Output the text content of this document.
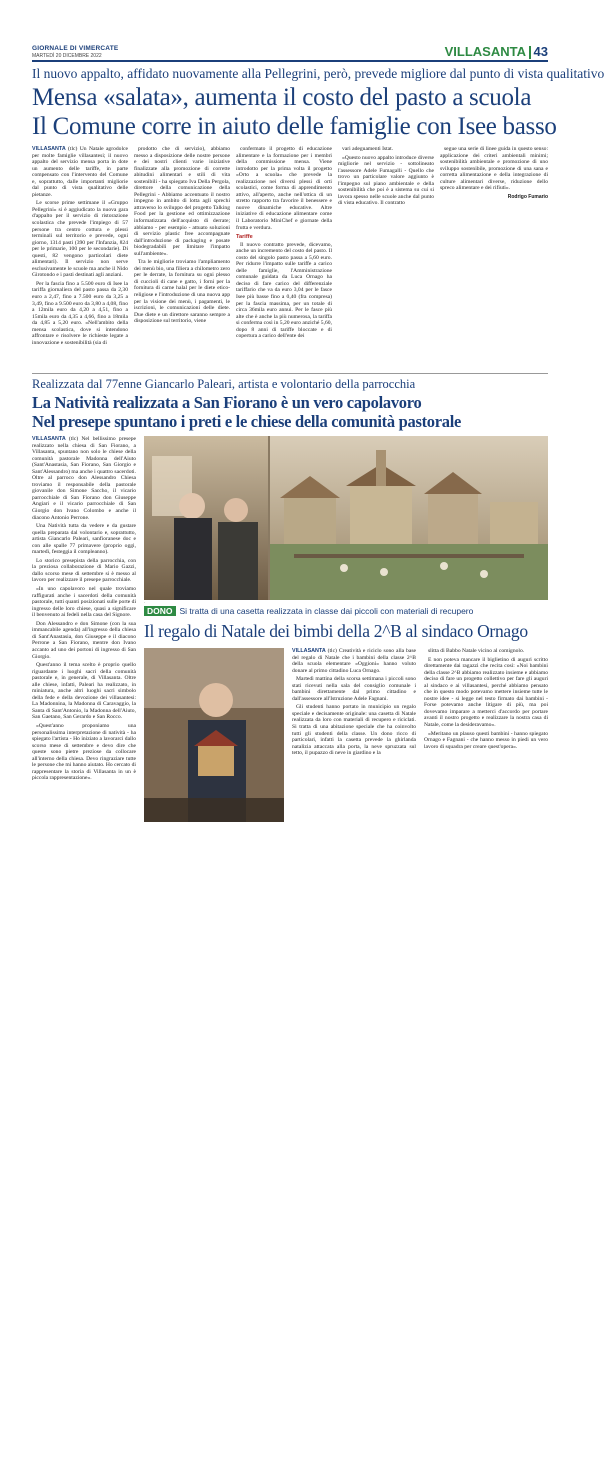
GIORNALE DI VIMERCATE
MARTEDÌ 20 DICEMBRE 2022	VILLASANTA 43
Il nuovo appalto, affidato nuovamente alla Pellegrini, però, prevede migliore dal punto di vista qualitativo
Mensa «salata», aumenta il costo del pasto a scuola
Il Comune corre in aiuto delle famiglie con Isee basso

VILLASANTA (tlc) Un Natale agrodolce per molte famiglie villasantesi; il nuovo appalto del servizio mensa porta in dote un aumento delle tariffe, in parte compensato con l'intervento del Comune e, soprattutto, dalle importanti migliorie dal punto di vista qualitativo delle pietanze.

Le scorse prime settimane il «Gruppo Pellegrini» si è aggiudicato la nuova gara d'appalto per il servizio di ristorazione scolastica che prevede l'impiego di 57 persone tra centro cottura e plessi terminali sul territorio e prevede, ogni giorno, 1314 pasti (390 per l'Infanzia, 824 per le primarie, 100 per le secondarie). Di questi, 82 vengono particolari diete alimentari). Il servizio non serve esclusivamente le scuole ma anche il Nido Girotondo e i pasti destinati agli anziani.

Per la fascia fino a 5.500 euro di Isee la tariffa giornaliera del pasto passa da 2,30 euro a 2,47, fino a 7.500 euro da 3,25 a 3,49, fino a 9.500 euro da 3,80 a 4,08, fino a 12mila euro da 4,20 a 4,51, fino a 15mila euro da 4,35 a 4,66, fino a 18mila da 4,85 a 5,20 euro. «Nell'ambito della mensa scolastica, dove si intendono affrontare e risolvere le richieste legate a innovazione e sostenibilità (sia di

prodotto che di servizio), abbiamo messo a disposizione delle nostre persone e dei nostri clienti varie iniziative finalizzate alla promozione di corrette abitudini alimentari e stili di vita sostenibili - ha spiegato Iva Della Pergola, direttore della comunicazione della Pellegrini - Abbiamo accentuato il nostro impegno in ambito di lotta agli sprechi attraverso lo sviluppo del progetto Talking Food per la gestione ed ottimizzazione informatizzata dell'acquisto di derrate; abbiamo - per esempio - attuato soluzioni di servizio plastic free accompagnate dall'introduzione di packaging e posate biodegradabili per limitare l'impatto sull'ambiente».

Tra le migliorie troviamo l'ampliamento dei menù bio, una filiera a chilometro zero per le derrate, la fornitura su ogni plesso di cuccioli di cane e gatto, i forni per la fornitura di carne halal per le diete etico-religiose e l'introduzione di una nuova app per la visione dei menù, i pagamenti, le iscrizioni, le comunicazioni delle diete. Due diete e un direttore saranno sempre a disposizione sul territorio, viene

confermato il progetto di educazione alimentare e la formazione per i membri della commissione mensa. Viene introdotto per la prima volta il progetto «Orto a scuola» che prevede la realizzazione nei diversi plessi di orti scolastici, come forma di apprendimento attivo, all'aperto, anche nell'ottica di un stretto rapporto tra favorire il benessere e nuove dinamiche educative. Altre iniziative di educazione alimentare come il Laboratorio MiniChef e giornate della frutta e verdura.

Tariffe

Il nuovo contratto prevede, dicevamo, anche un incremento del costo del pasto. Il costo del singolo pasto passa a 5,60 euro. Per ridurre l'impatto sulle tariffe a carico delle famiglie, l'Amministrazione comunale guidata da Luca Ornago ha deciso di fare carico del differenziale tariffario che va da euro 3,04 per le fasce Isee più basse fino a 0,40 (fra compresa) per la fascia massima, per un totale di circa 36mila euro annui. Per le fasce più alte che è anche la più numerosa, la tariffa si conferma così in 5,20 euro anziché 5,60, dopo 8 anni di tariffe bloccate e di copertura a carico dell'ente dei

vari adeguamenti Istat.

«Questo nuovo appalto introduce diverse migliorie nel servizio - sottolineato l'assessore Adele Fumagalli - Quello che trovo un particolare valore aggiunto è l'impegno sul piano ambientale e della sostenibilità che poi è a sistema su cui si lavora spesso nelle scuole anche dal punto di vista educativo. Il contratto

segue una serie di linee guida in questo senso: applicazione dei criteri ambientali minimi; sostenibilità ambientale e promozione di uno sviluppo sostenibile, promozione di una sana e corretta alimentazione e della integrazione di culture alimentari diverse, riduzione dello spreco alimentare e dei rifiuti».

Rodrigo Fumario
Realizzata dal 77enne Giancarlo Paleari, artista e volontario della parrocchia
La Natività realizzata a San Fiorano è un vero capolavoro
Nel presepe spuntano i preti e le chiese della comunità pastorale

VILLASANTA (tlc) Nel bellissimo presepe realizzato nella chiesa di San Fiorano, a Villasanta, spuntano non solo le chiese della comunità pastorale Madonna dell'Aiuto (Sant'Anastasia, San Fiorano, San Giorgio e Sant'Alessandro) ma anche i quattro sacerdoti. Oltre al parroco don Alessandro Chiesa troviamo il responsabile della pastorale giovanile don Simone Saccho, il vicario parrocchiale di San Fiorano don Giuseppe Angiari e il vicario parrocchiale di San Giorgio don Ivano Colombo e anche il diacono Antonio Perrone.

Una Natività tutta da vedere e da gustare quella preparata dal volontario e, soprattutto, artista Giancarlo Paleari, sanfioranese doc e con alle spalle 77 primavere (proprio oggi, martedì, festeggia il compleanno).

Lo storico presepista della parrocchia, con la preziosa collaborazione di Mario Gazzi, dallo scorso mese di settembre si è messo al lavoro per realizzare il presepe parrocchiale.

«In uno capolavoro nel quale troviamo raffigurati anche i sacerdoti della comunità pastorale, tutti quanti posizionati sulle porte di ingresso delle loro chiese, quasi a significare il benvenuto ai fedeli nella casa del Signore.

Don Alessandro e don Simone (con la sua immancabile agenda) all'ingresso della chiesa di Sant'Anastasia, don Giuseppe e il diacono Perrone a San Fiorano, mentre don Ivano accanto ad uno dei portoni di ingresso di San Giorgio.

Quest'anno il tema scelto è proprio quello riguardante i luoghi sacri della comunità pastorale e, in generale, di Villasanta. Oltre alle chiese, infatti, Paleari ha realizzato, in miniatura, anche altri luoghi sacri simbolo della fede e della devozione dei villasantesi: La Madonnina, la Madonna di Caravaggio, la Santa di Sant'Antonio, la Madonna dell'Aiuto, San Gaetano, San Gerardo e San Rocco.

«Quest'anno proponiamo una personalissima interpretazione di natività - ha spiegato l'artista - Ho iniziato a lavorarci dallo scorso mese di settembre e devo dire che queste sono pietre preziose da collocare all'interno della chiesa. Devo ringraziare tutte le persone che mi hanno aiutato. Ho cercato di rappresentare la storia di Villasanta in un è piccola rappresentazione».

In
DONO Si tratta di una casetta realizzata in classe dai piccoli con materiali di recupero
Il regalo di Natale dei bimbi della 2^B al sindaco Ornago
Il sindaco tiene tra le mani la casetta regalata dagli studenti della 2^B della scuola Oggioni

VILLASANTA (tlc) Creatività e riciclo sono alla base del regalo di Natale che i bambini della classe 2^B della scuola elementare «Oggioni» hanno voluto donare al primo cittadino Luca Ornago.

Martedì mattina della scorsa settimana i piccoli sono stati ricevuti nella sala del consiglio comunale i bambini direttamente dal primo cittadino e dall'assessore all'Istruzione Adele Fagnani.

Gli studenti hanno portato in municipio un regalo speciale e decisamente originale: una casetta di Natale realizzata da loro con materiali di recupero e riciclati. Si tratta di una abitazione speciale che ha coinvolto tutti gli studenti della classe. Un dono ricco di particolari, infatti la casetta prevede la ghirlanda natalizia attaccata alla porta, la neve spruzzata sul tetto, il pupazzo di neve in giardino e la

slitta di Babbo Natale vicino al comignolo.

E non poteva mancare il biglietino di auguri scritto direttamente dai ragazzi che recita così: «Noi bambini della classe 2^B abbiamo realizzato insieme e abbiamo deciso di fare un progetto collettivo per fare gli auguri al sindaco e ai villasantesi, perché abbiamo pensato che in questo modo potevamo mettere insieme tutte le nostre idee - si legge nel testo firmato dai bambini - Forse potevamo anche litigare di più, ma poi dovevamo imparare a metterci d'accordo per portare avanti il nostro progetto e realizzare la nostra casa di Natale, come la desideravamo».

«Meritano un plauso questi bambini - hanno spiegato Ornago e Fagnani - che hanno messo in piedi un vero lavoro di squadra per creare quest'opera».
